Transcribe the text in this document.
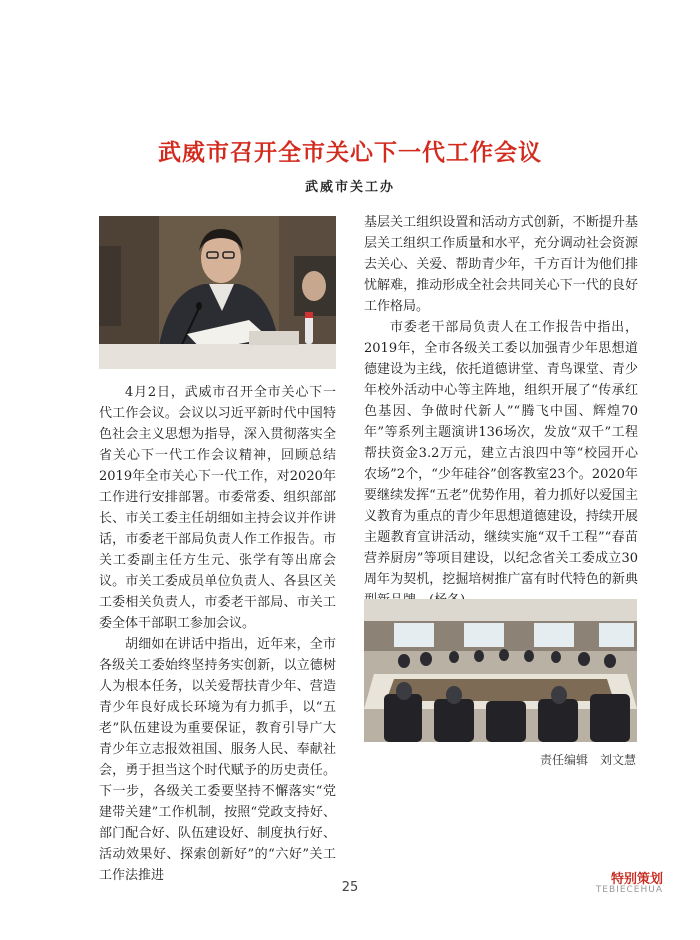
武威市召开全市关心下一代工作会议
武威市关工办

4月2日，武威市召开全市关心下一代工作会议。会议以习近平新时代中国特色社会主义思想为指导，深入贯彻落实全省关心下一代工作会议精神，回顾总结2019年全市关心下一代工作，对2020年工作进行安排部署。市委常委、组织部部长、市关工委主任胡细如主持会议并作讲话，市委老干部局负责人作工作报告。市关工委副主任方生元、张学有等出席会议。市关工委成员单位负责人、各县区关工委相关负责人，市委老干部局、市关工委全体干部职工参加会议。

胡细如在讲话中指出，近年来，全市各级关工委始终坚持务实创新，以立德树人为根本任务，以关爱帮扶青少年、营造青少年良好成长环境为有力抓手，以“五老”队伍建设为重要保证，教育引导广大青少年立志报效祖国、服务人民、奉献社会，勇于担当这个时代赋予的历史责任。下一步，各级关工委要坚持不懈落实“党建带关建”工作机制，按照“党政支持好、部门配合好、队伍建设好、制度执行好、活动效果好、探索创新好”的“六好”关工工作法推进

基层关工组织设置和活动方式创新，不断提升基层关工组织工作质量和水平，充分调动社会资源去关心、关爱、帮助青少年，千方百计为他们排忧解难，推动形成全社会共同关心下一代的良好工作格局。

市委老干部局负责人在工作报告中指出，2019年，全市各级关工委以加强青少年思想道德建设为主线，依托道德讲堂、青鸟课堂、青少年校外活动中心等主阵地，组织开展了“传承红色基因、争做时代新人”“腾飞中国、辉煌70年”等系列主题演讲136场次，发放“双千”工程帮扶资金3.2万元，建立古浪四中等“校园开心农场”2个，“少年硅谷”创客教室23个。2020年要继续发挥“五老”优势作用，着力抓好以爱国主义教育为重点的青少年思想道德建设，持续开展主题教育宣讲活动，继续实施“双千工程”“春苗营养厨房”等项目建设，以纪念省关工委成立30周年为契机，挖掘培树推广富有时代特色的新典

责任编辑　刘文慧
25
特别策划
TEBIECEHUA
